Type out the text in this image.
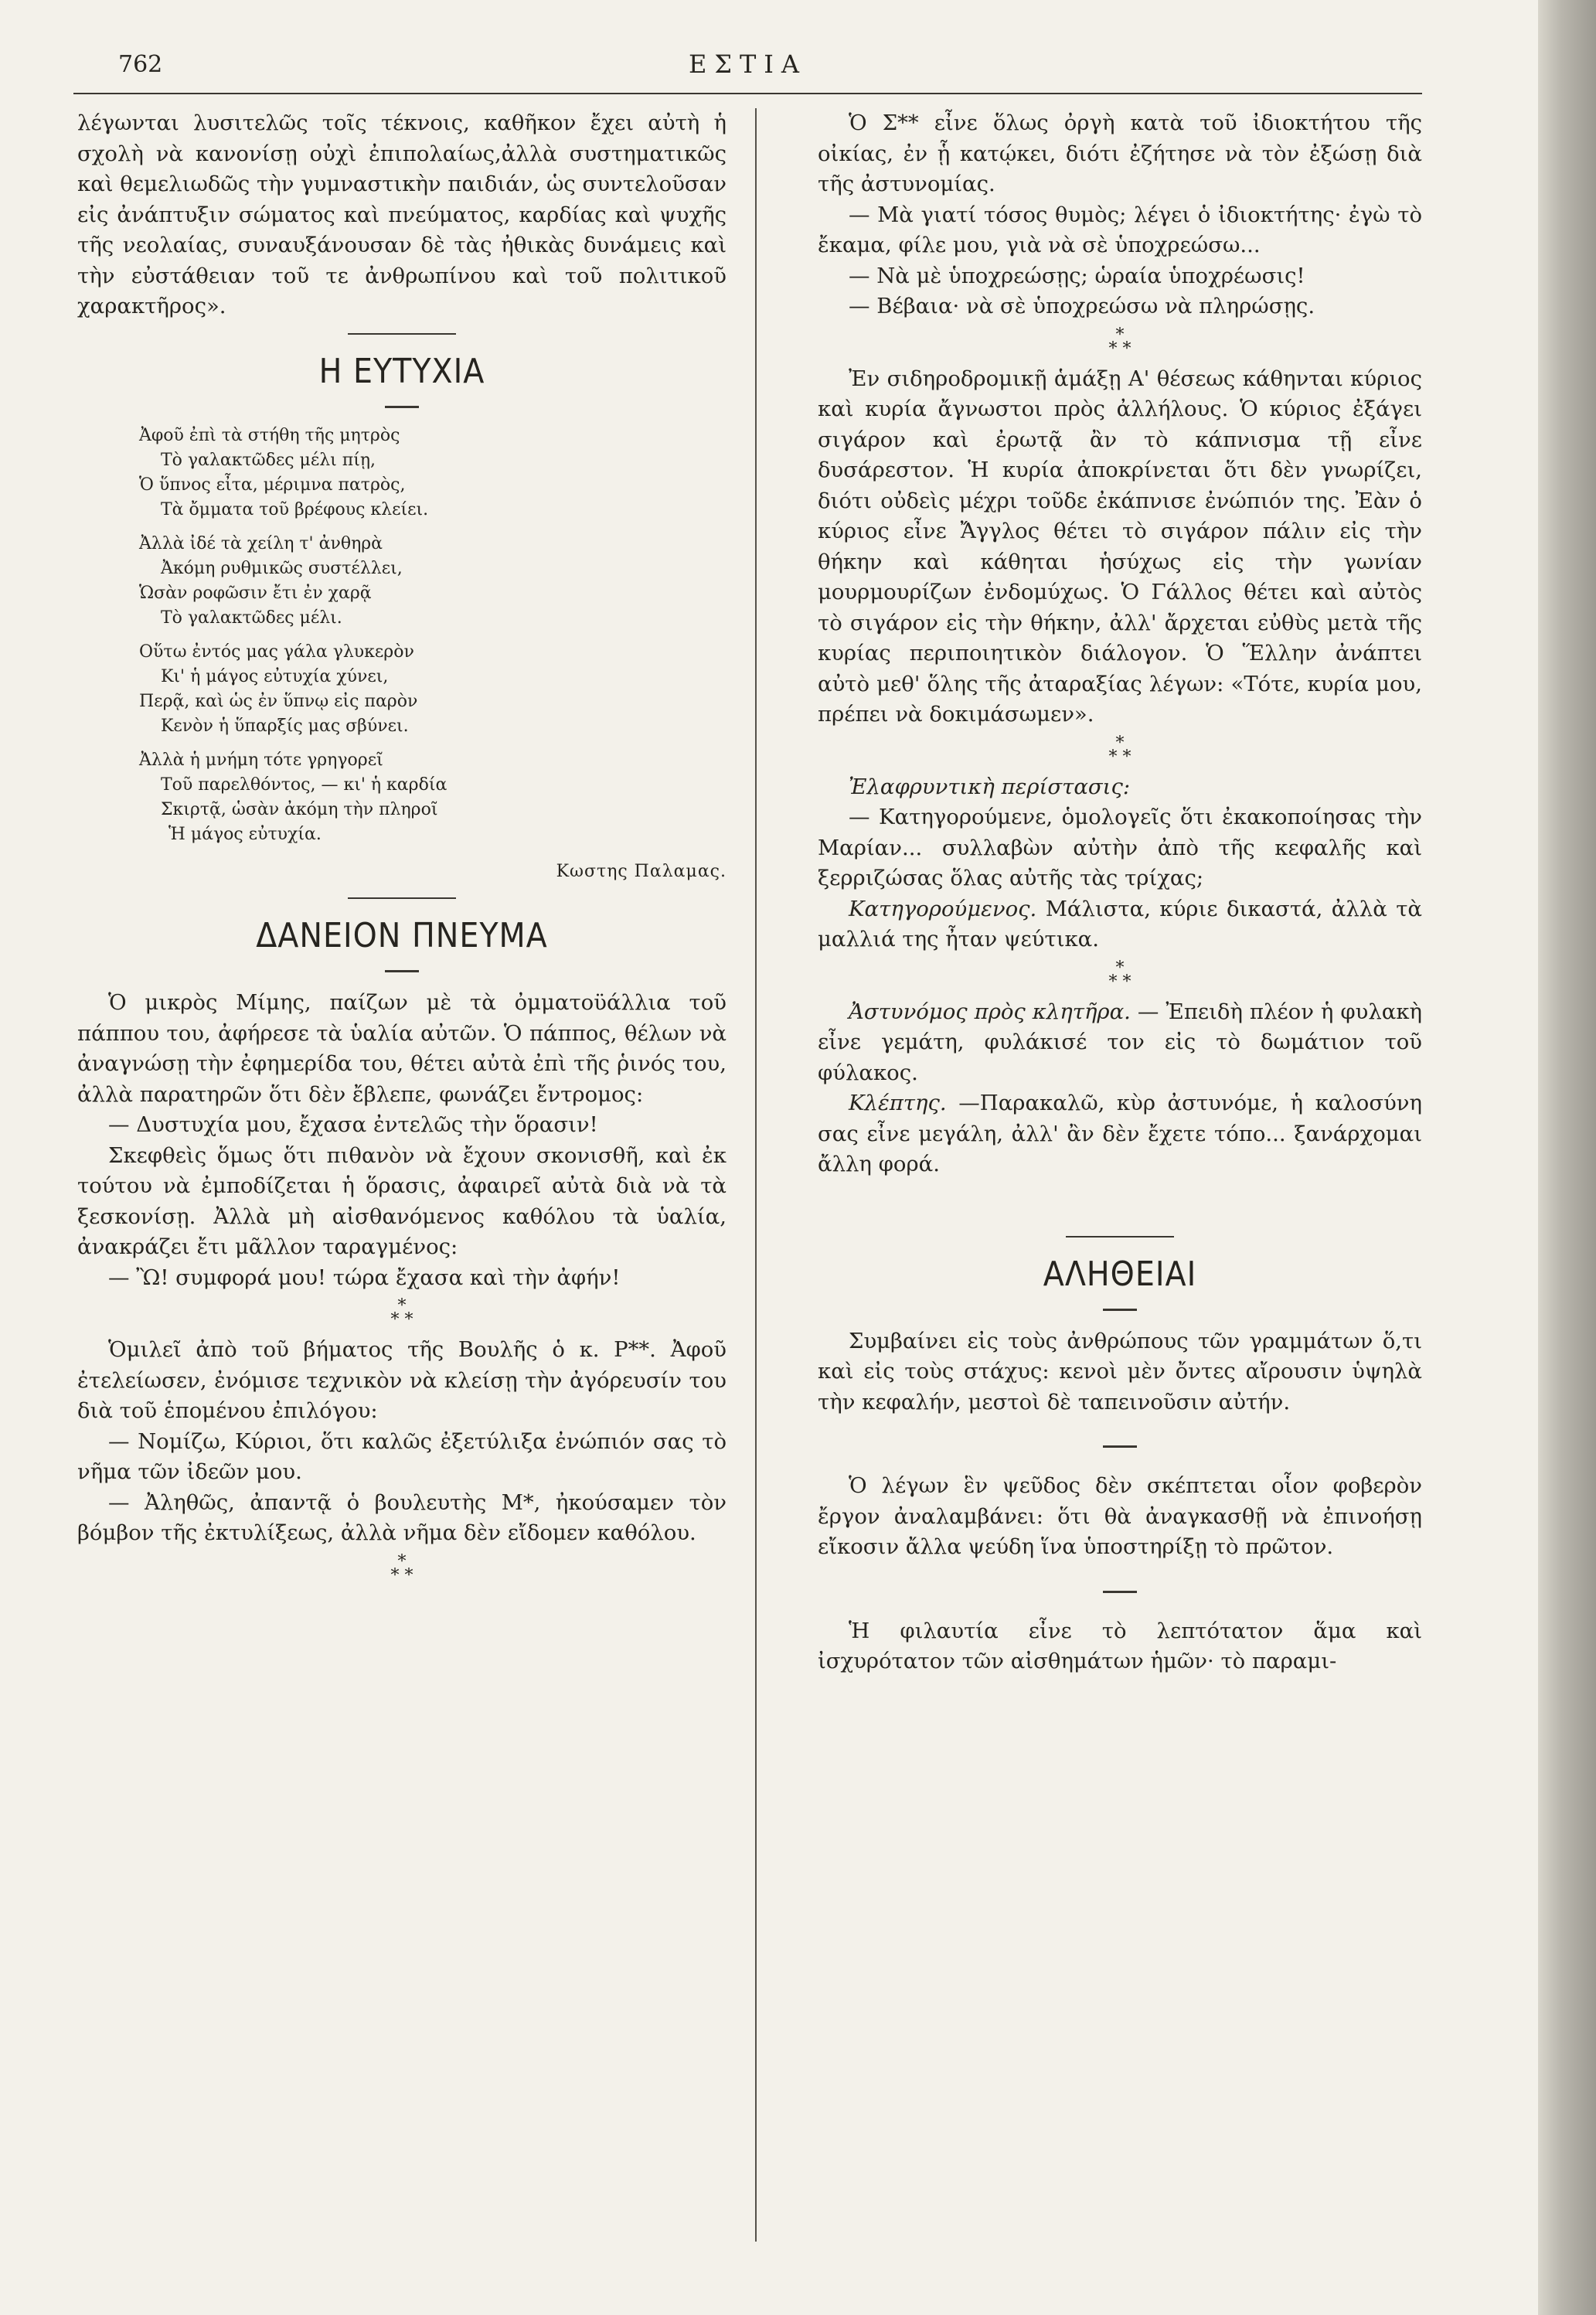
762	ΕΣΤΙΑ

λέγωνται λυσιτελῶς τοῖς τέκνοις, καθῆκον ἔχει αὐτὴ ἡ σχολὴ νὰ κανονίσῃ οὐχὶ ἐπιπολαίως,ἀλλὰ συστηματικῶς καὶ θεμελιωδῶς τὴν γυμναστικὴν παιδιάν, ὡς συντελοῦσαν εἰς ἀνάπτυξιν σώματος καὶ πνεύματος, καρδίας καὶ ψυχῆς τῆς νεολαίας, συναυξάνουσαν δὲ τὰς ἠθικὰς δυνάμεις καὶ τὴν εὐστάθειαν τοῦ τε ἀνθρωπίνου καὶ τοῦ πολιτικοῦ χαρακτῆρος».

Η ΕΥΤΥΧΙΑ
Ἀφοῦ ἐπὶ τὰ στήθη τῆς μητρὸς
Τὸ γαλακτῶδες μέλι πίῃ,
Ὁ ὕπνος εἶτα, μέριμνα πατρὸς,
Τὰ ὄμματα τοῦ βρέφους κλείει.
Ἀλλὰ ἰδέ τὰ χείλη τ' ἀνθηρὰ
Ἀκόμη ρυθμικῶς συστέλλει,
Ὡσὰν ροφῶσιν ἔτι ἐν χαρᾷ
Τὸ γαλακτῶδες μέλι.
Οὕτω ἐντός μας γάλα γλυκερὸν
Κι' ἡ μάγος εὐτυχία χύνει,
Περᾷ, καὶ ὡς ἐν ὕπνῳ εἰς παρὸν
Κενὸν ἡ ὕπαρξίς μας σβύνει.
Ἀλλὰ ἡ μνήμη τότε γρηγορεῖ
Τοῦ παρελθόντος, — κι' ἡ καρδία
Σκιρτᾷ, ὡσὰν ἀκόμη τὴν πληροῖ
Ἡ μάγος εὐτυχία.
Κωστης Παλαμας.
ΔΑΝΕΙΟΝ ΠΝΕΥΜΑ

Ὁ μικρὸς Μίμης, παίζων μὲ τὰ ὀμματοϋάλλια τοῦ πάππου του, ἀφήρεσε τὰ ὑαλία αὐτῶν. Ὁ πάππος, θέλων νὰ ἀναγνώσῃ τὴν ἐφημερίδα του, θέτει αὐτὰ ἐπὶ τῆς ῥινός του, ἀλλὰ παρατηρῶν ὅτι δὲν ἔβλεπε, φωνάζει ἔντρομος:

— Δυστυχία μου, ἔχασα ἐντελῶς τὴν ὅρασιν!

Σκεφθεὶς ὅμως ὅτι πιθανὸν νὰ ἔχουν σκονισθῆ, καὶ ἐκ τούτου νὰ ἐμποδίζεται ἡ ὅρασις, ἀφαιρεῖ αὐτὰ διὰ νὰ τὰ ξεσκονίσῃ. Ἀλλὰ μὴ αἰσθανόμενος καθόλου τὰ ὑαλία, ἀνακράζει ἔτι μᾶλλον ταραγμένος:

— Ὢ! συμφορά μου! τώρα ἔχασα καὶ τὴν ἀφήν!

*
* *

Ὁμιλεῖ ἀπὸ τοῦ βήματος τῆς Βουλῆς ὁ κ. Ρ**. Ἀφοῦ ἐτελείωσεν, ἐνόμισε τεχνικὸν νὰ κλείσῃ τὴν ἀγόρευσίν του διὰ τοῦ ἑπομένου ἐπιλόγου:

— Νομίζω, Κύριοι, ὅτι καλῶς ἐξετύλιξα ἐνώπιόν σας τὸ νῆμα τῶν ἰδεῶν μου.

— Ἀληθῶς, ἀπαντᾷ ὁ βουλευτὴς Μ*, ἠκούσαμεν τὸν βόμβον τῆς ἐκτυλίξεως, ἀλλὰ νῆμα δὲν εἴδομεν καθόλου.

*
* *

Ὁ Σ** εἶνε ὅλως ὀργὴ κατὰ τοῦ ἰδιοκτήτου τῆς οἰκίας, ἐν ᾗ κατῴκει, διότι ἐζήτησε νὰ τὸν ἐξώσῃ διὰ τῆς ἀστυνομίας.

— Μὰ γιατί τόσος θυμὸς; λέγει ὁ ἰδιοκτήτης· ἐγὼ τὸ ἔκαμα, φίλε μου, γιὰ νὰ σὲ ὑποχρεώσω...

— Νὰ μὲ ὑποχρεώσῃς; ὡραία ὑποχρέωσις!

— Βέβαια· νὰ σὲ ὑποχρεώσω νὰ πληρώσῃς.

*
* *

Ἐν σιδηροδρομικῇ ἁμάξῃ Α' θέσεως κάθηνται κύριος καὶ κυρία ἄγνωστοι πρὸς ἀλλήλους. Ὁ κύριος ἐξάγει σιγάρον καὶ ἐρωτᾷ ἂν τὸ κάπνισμα τῇ εἶνε δυσάρεστον. Ἡ κυρία ἀποκρίνεται ὅτι δὲν γνωρίζει, διότι οὐδεὶς μέχρι τοῦδε ἐκάπνισε ἐνώπιόν της. Ἐὰν ὁ κύριος εἶνε Ἄγγλος θέτει τὸ σιγάρον πάλιν εἰς τὴν θήκην καὶ κάθηται ἡσύχως εἰς τὴν γωνίαν μουρμουρίζων ἐνδομύχως. Ὁ Γάλλος θέτει καὶ αὐτὸς τὸ σιγάρον εἰς τὴν θήκην, ἀλλ' ἄρχεται εὐθὺς μετὰ τῆς κυρίας περιποιητικὸν διάλογον. Ὁ Ἕλλην ἀνάπτει αὐτὸ μεθ' ὅλης τῆς ἀταραξίας λέγων: «Τότε, κυρία μου, πρέπει νὰ δοκιμάσωμεν».

*
* *

Ἐλαφρυντικὴ περίστασις:

— Κατηγορούμενε, ὁμολογεῖς ὅτι ἐκακοποίησας τὴν Μαρίαν... συλλαβὼν αὐτὴν ἀπὸ τῆς κεφαλῆς καὶ ξερριζώσας ὅλας αὐτῆς τὰς τρίχας;

Κατηγορούμενος. Μάλιστα, κύριε δικαστά, ἀλλὰ τὰ μαλλιά της ἦταν ψεύτικα.

*
* *

Ἀστυνόμος πρὸς κλητῆρα. — Ἐπειδὴ πλέον ἡ φυλακὴ εἶνε γεμάτη, φυλάκισέ τον εἰς τὸ δωμάτιον τοῦ φύλακος.

Κλέπτης. —Παρακαλῶ, κὺρ ἀστυνόμε, ἡ καλοσύνη σας εἶνε μεγάλη, ἀλλ' ἂν δὲν ἔχετε τόπο... ξανάρχομαι ἄλλη φορά.

ΑΛΗΘΕΙΑΙ

Συμβαίνει εἰς τοὺς ἀνθρώπους τῶν γραμμάτων ὅ,τι καὶ εἰς τοὺς στάχυς: κενοὶ μὲν ὄντες αἴρουσιν ὑψηλὰ τὴν κεφαλήν, μεστοὶ δὲ ταπεινοῦσιν αὐτήν.

Ὁ λέγων ἓν ψεῦδος δὲν σκέπτεται οἷον φοβερὸν ἔργον ἀναλαμβάνει: ὅτι θὰ ἀναγκασθῇ νὰ ἐπινοήσῃ εἴκοσιν ἄλλα ψεύδη ἵνα ὑποστηρίξῃ τὸ πρῶτον.

Ἡ φιλαυτία εἶνε τὸ λεπτότατον ἅμα καὶ ἰσχυρότατον τῶν αἰσθημάτων ἡμῶν· τὸ παραμι-
